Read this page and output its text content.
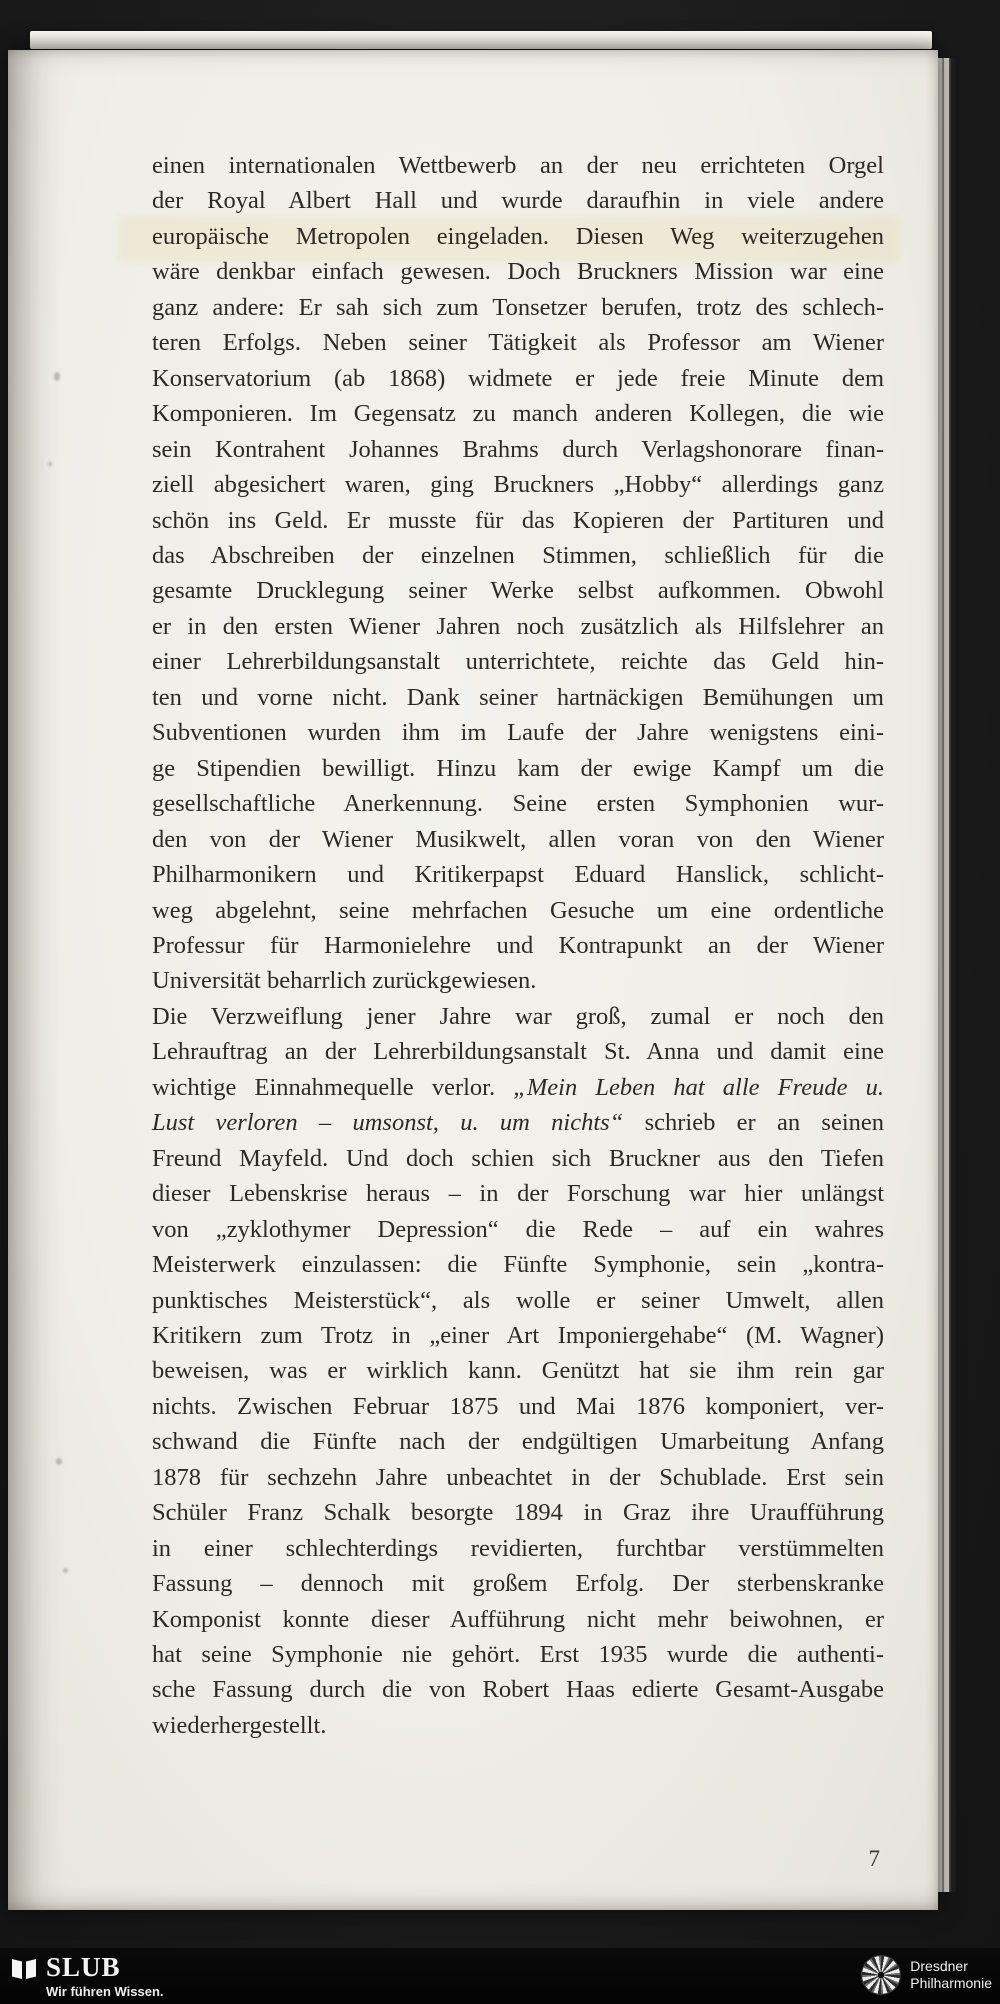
einen internationalen Wettbewerb an der neu errichteten Orgel
der Royal Albert Hall und wurde daraufhin in viele andere
europäische Metropolen eingeladen. Diesen Weg weiterzugehen
wäre denkbar einfach gewesen. Doch Bruckners Mission war eine
ganz andere: Er sah sich zum Tonsetzer berufen, trotz des schlech-
teren Erfolgs. Neben seiner Tätigkeit als Professor am Wiener
Konservatorium (ab 1868) widmete er jede freie Minute dem
Komponieren. Im Gegensatz zu manch anderen Kollegen, die wie
sein Kontrahent Johannes Brahms durch Verlagshonorare finan-
ziell abgesichert waren, ging Bruckners „Hobby“ allerdings ganz
schön ins Geld. Er musste für das Kopieren der Partituren und
das Abschreiben der einzelnen Stimmen, schließlich für die
gesamte Drucklegung seiner Werke selbst aufkommen. Obwohl
er in den ersten Wiener Jahren noch zusätzlich als Hilfslehrer an
einer Lehrerbildungsanstalt unterrichtete, reichte das Geld hin-
ten und vorne nicht. Dank seiner hartnäckigen Bemühungen um
Subventionen wurden ihm im Laufe der Jahre wenigstens eini-
ge Stipendien bewilligt. Hinzu kam der ewige Kampf um die
gesellschaftliche Anerkennung. Seine ersten Symphonien wur-
den von der Wiener Musikwelt, allen voran von den Wiener
Philharmonikern und Kritikerpapst Eduard Hanslick, schlicht-
weg abgelehnt, seine mehrfachen Gesuche um eine ordentliche
Professur für Harmonielehre und Kontrapunkt an der Wiener
Universität beharrlich zurückgewiesen.
Die Verzweiflung jener Jahre war groß, zumal er noch den
Lehrauftrag an der Lehrerbildungsanstalt St. Anna und damit eine
wichtige Einnahmequelle verlor. „Mein Leben hat alle Freude u.
Lust verloren – umsonst, u. um nichts“ schrieb er an seinen
Freund Mayfeld. Und doch schien sich Bruckner aus den Tiefen
dieser Lebenskrise heraus – in der Forschung war hier unlängst
von „zyklothymer Depression“ die Rede – auf ein wahres
Meisterwerk einzulassen: die Fünfte Symphonie, sein „kontra-
punktisches Meisterstück“, als wolle er seiner Umwelt, allen
Kritikern zum Trotz in „einer Art Imponiergehabe“ (M. Wagner)
beweisen, was er wirklich kann. Genützt hat sie ihm rein gar
nichts. Zwischen Februar 1875 und Mai 1876 komponiert, ver-
schwand die Fünfte nach der endgültigen Umarbeitung Anfang
1878 für sechzehn Jahre unbeachtet in der Schublade. Erst sein
Schüler Franz Schalk besorgte 1894 in Graz ihre Uraufführung
in einer schlechterdings revidierten, furchtbar verstümmelten
Fassung – dennoch mit großem Erfolg. Der sterbenskranke
Komponist konnte dieser Aufführung nicht mehr beiwohnen, er
hat seine Symphonie nie gehört. Erst 1935 wurde die authenti-
sche Fassung durch die von Robert Haas edierte Gesamt-Ausgabe
wiederhergestellt.
7
SLUB
Wir führen Wissen.
Dresdner
Philharmonie
